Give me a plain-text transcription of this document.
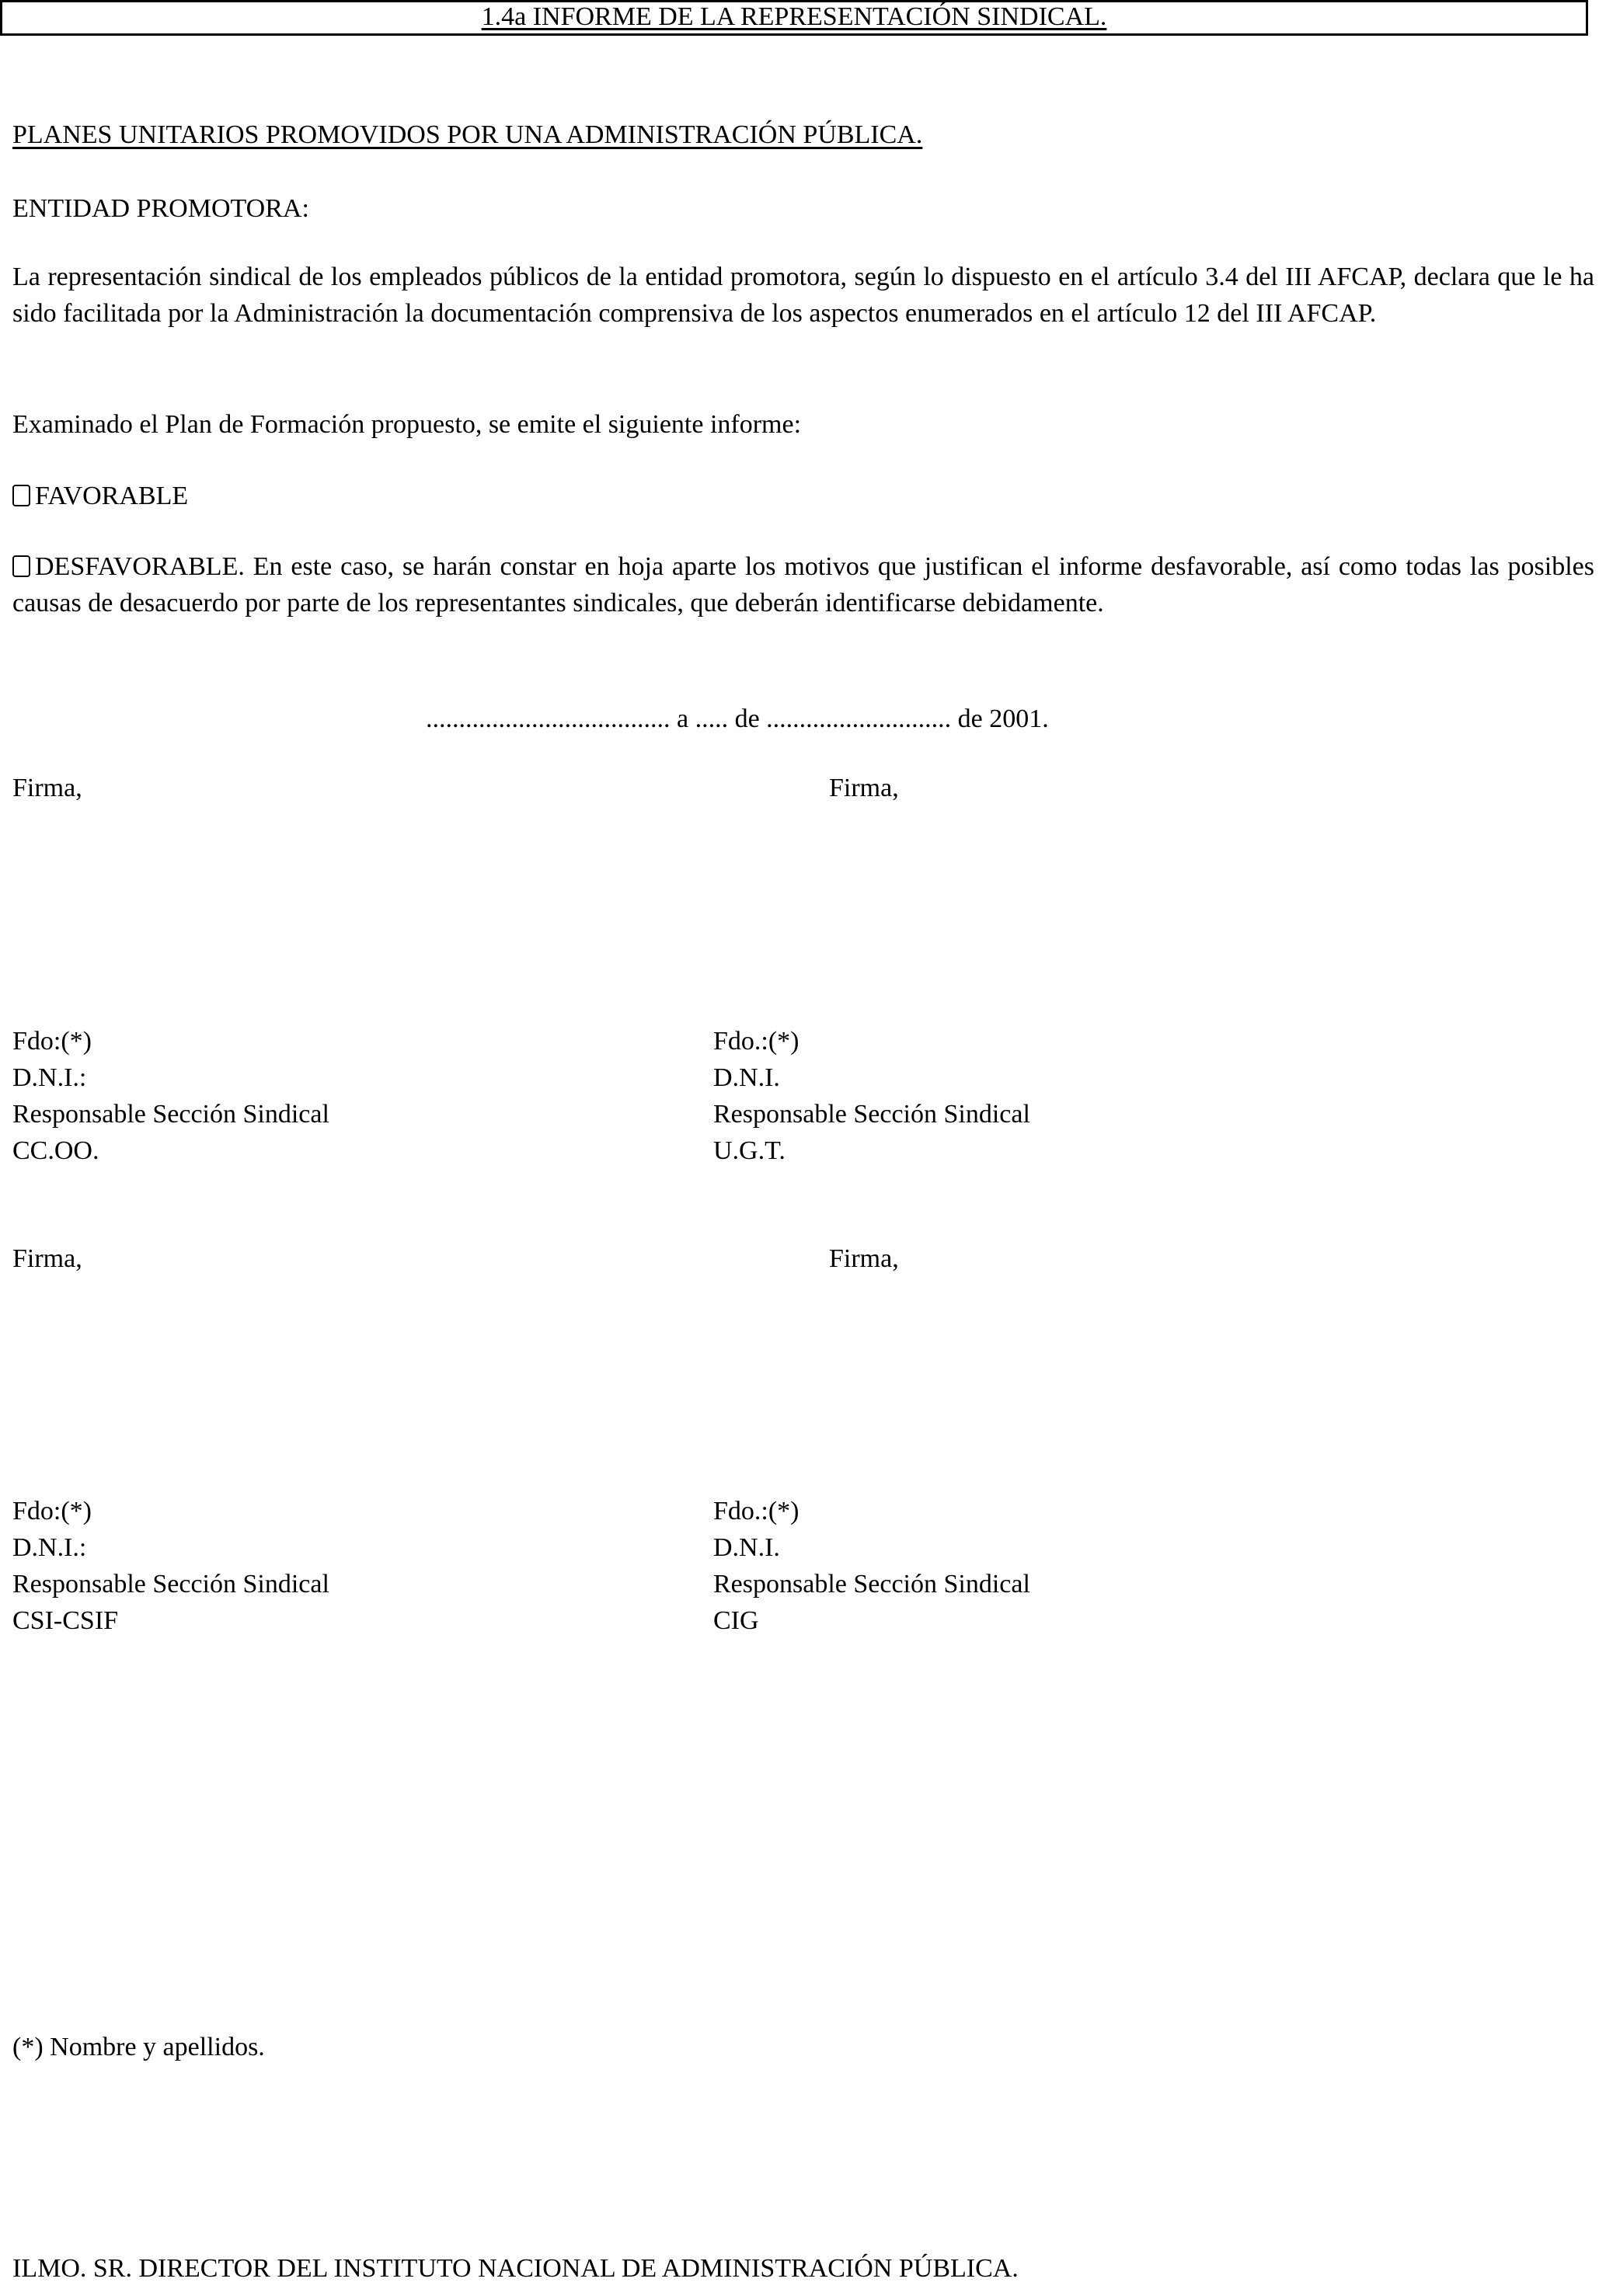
1.4a INFORME DE LA REPRESENTACIÓN SINDICAL.
PLANES UNITARIOS PROMOVIDOS POR UNA ADMINISTRACIÓN PÚBLICA.
ENTIDAD PROMOTORA:
La representación sindical de los empleados públicos de la entidad promotora, según lo dispuesto en el artículo 3.4 del III AFCAP, declara que le ha sido facilitada por la Administración la documentación comprensiva de los aspectos enumerados en el artículo 12 del III AFCAP.
Examinado el Plan de Formación propuesto, se emite el siguiente informe:
FAVORABLE
DESFAVORABLE. En este caso, se harán constar en hoja aparte los motivos que justifican el informe desfavorable, así como todas las posibles causas de desacuerdo por parte de los representantes sindicales, que deberán identificarse debidamente.
..................................... a ..... de ............................ de 2001.
Firma,
Fdo:(*)
D.N.I.:
Responsable Sección Sindical
CC.OO.
Firma,
Fdo.:(*)
D.N.I.
Responsable Sección Sindical
U.G.T.
Firma,
Fdo:(*)
D.N.I.:
Responsable Sección Sindical
CSI-CSIF
Firma,
Fdo.:(*)
D.N.I.
Responsable Sección Sindical
CIG
(*) Nombre y apellidos.
ILMO. SR. DIRECTOR DEL INSTITUTO NACIONAL DE ADMINISTRACIÓN PÚBLICA.
